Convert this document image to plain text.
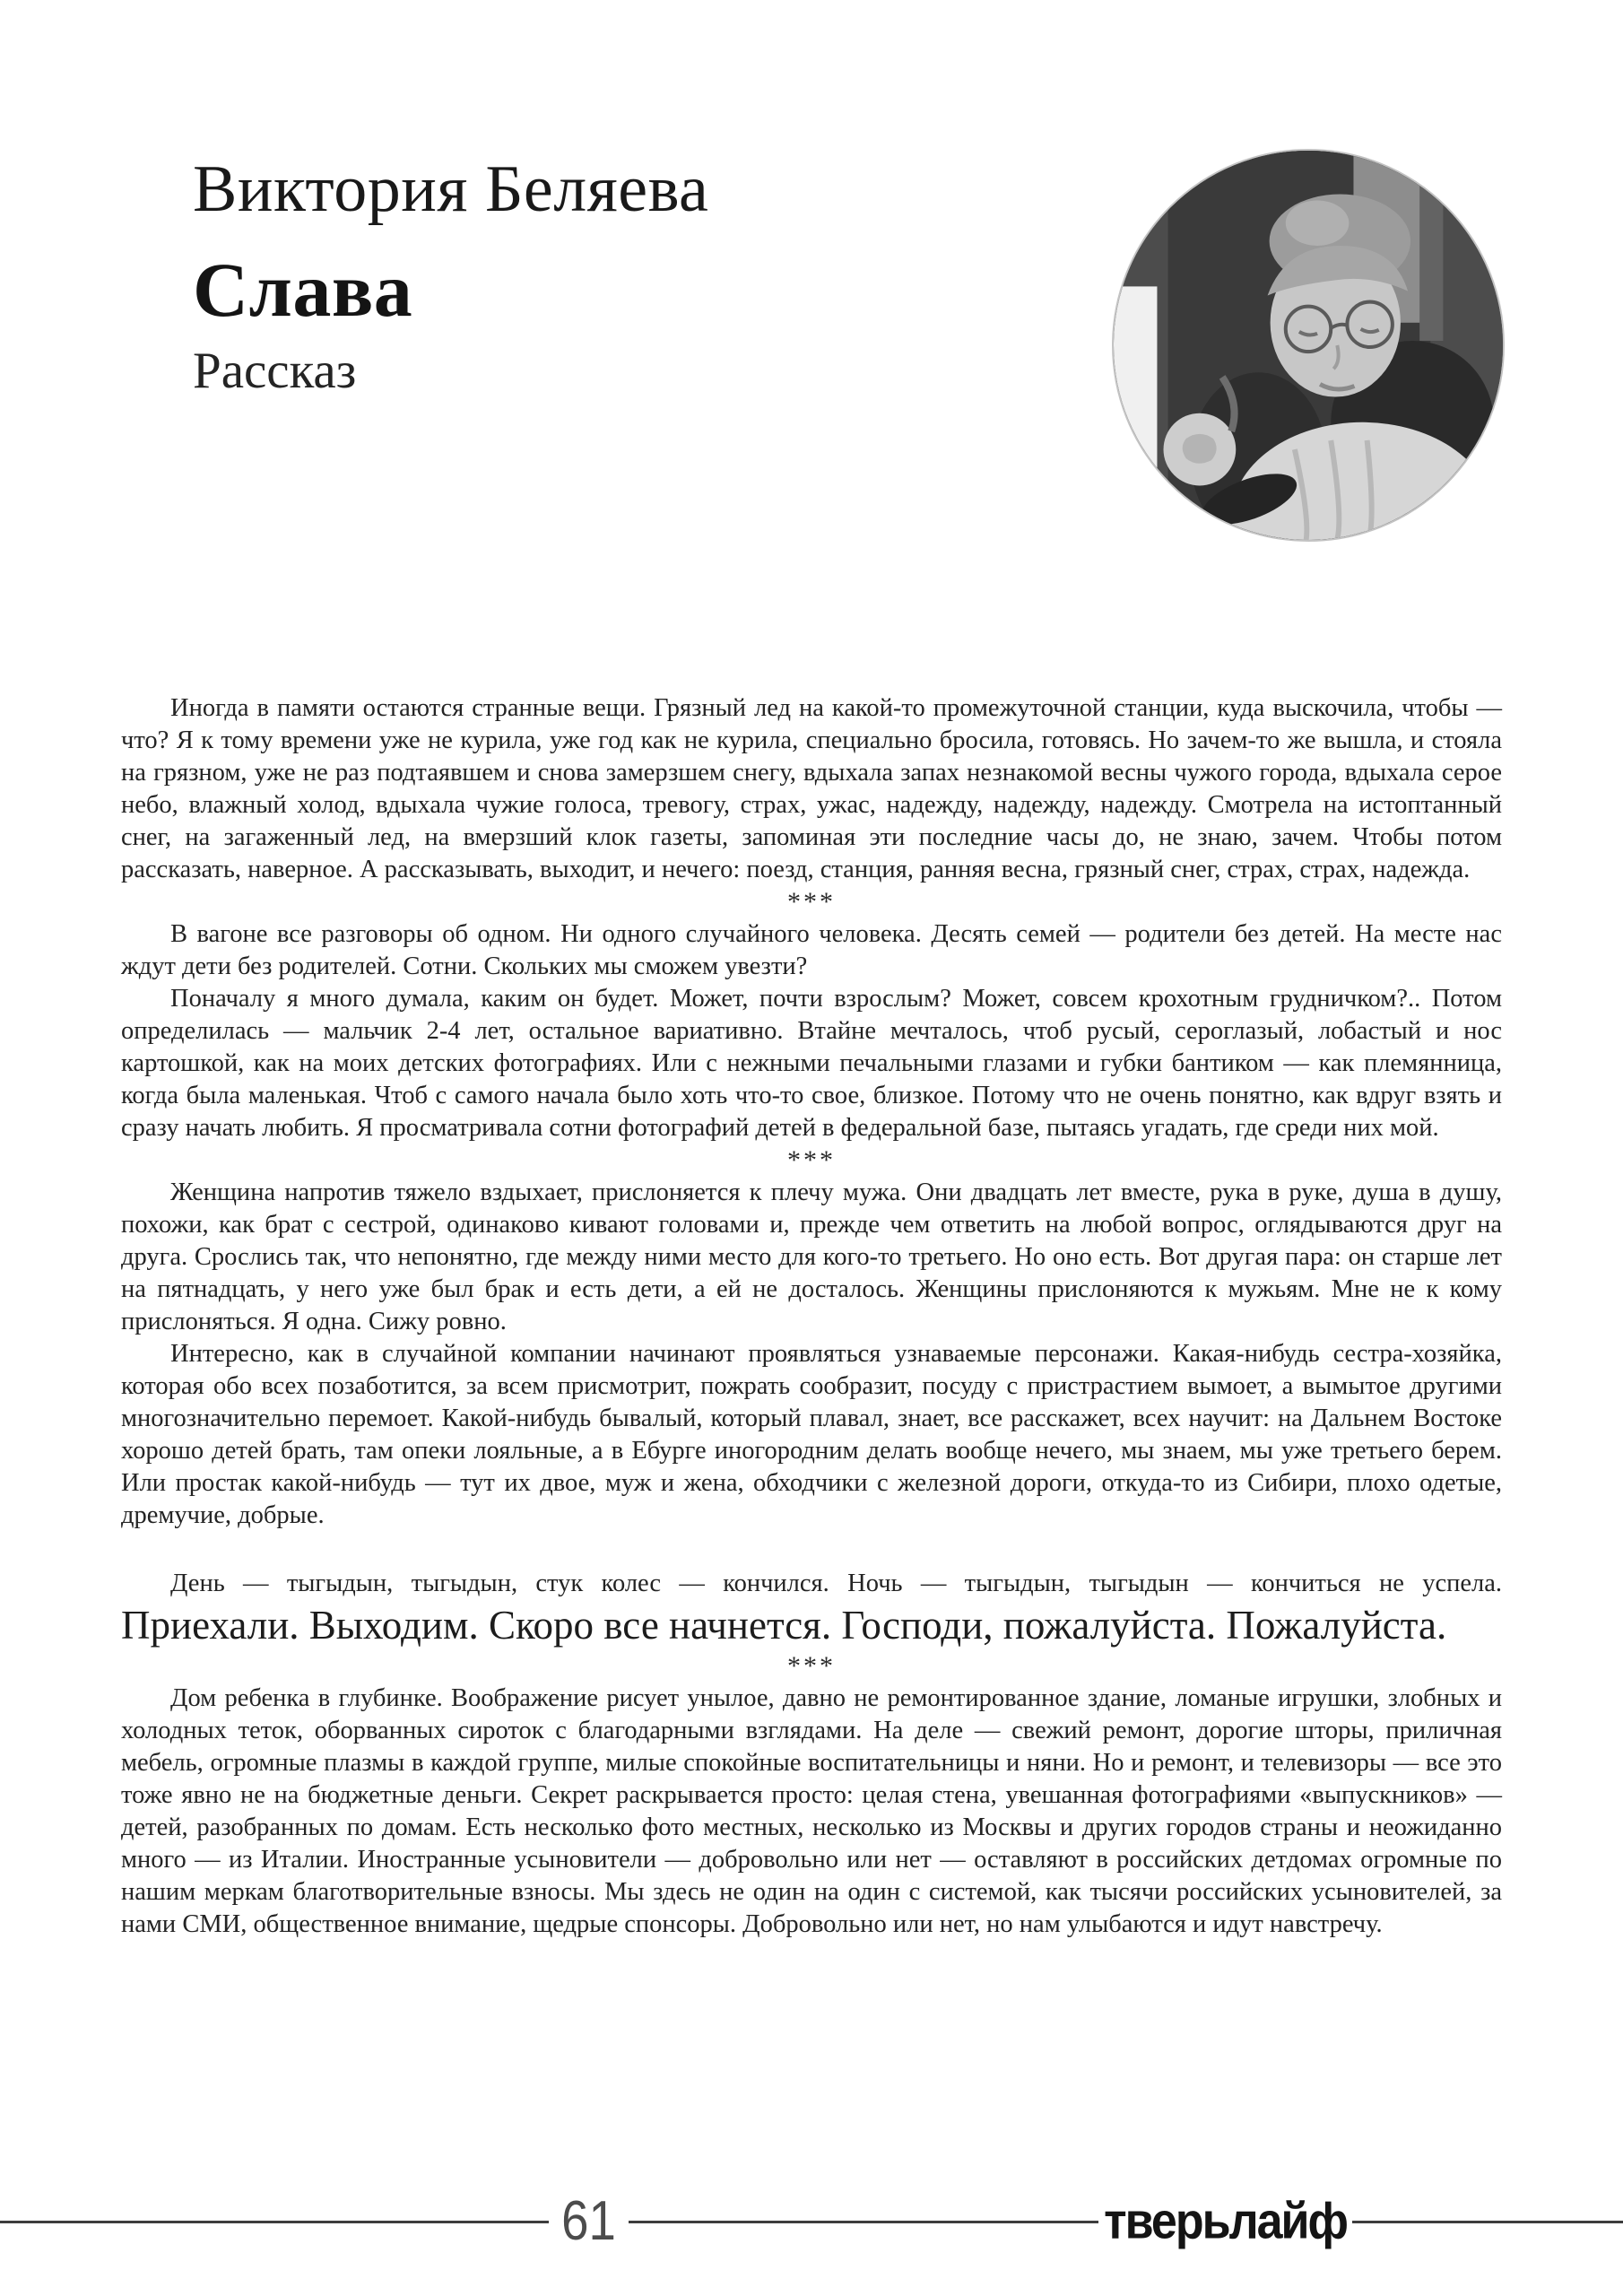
Виктория Беляева
Слава
Рассказ

Иногда в памяти остаются странные вещи. Грязный лед на какой-то промежуточной станции, куда выскочила, чтобы — что? Я к тому времени уже не курила, уже год как не курила, специально бросила, готовясь. Но зачем-то же вышла, и стояла на грязном, уже не раз подтаявшем и снова замерзшем снегу, вдыхала запах незнакомой весны чужого города, вдыхала серое небо, влажный холод, вдыхала чужие голоса, тревогу, страх, ужас, надежду, надежду, надежду. Смотрела на истоптанный снег, на загаженный лед, на вмерзший клок газеты, запоминая эти последние часы до, не знаю, зачем. Чтобы потом рассказать, наверное. А рассказывать, выходит, и нечего: поезд, станция, ранняя весна, грязный снег, страх, страх, надежда.

***

В вагоне все разговоры об одном. Ни одного случайного человека. Десять семей — родители без детей. На месте нас ждут дети без родителей. Сотни. Скольких мы сможем увезти?

Поначалу я много думала, каким он будет. Может, почти взрослым? Может, совсем крохотным грудничком?.. Потом определилась — мальчик 2-4 лет, остальное вариативно. Втайне мечталось, чтоб русый, сероглазый, лобастый и нос картошкой, как на моих детских фотографиях. Или с нежными печальными глазами и губки бантиком — как племянница, когда была маленькая. Чтоб с самого начала было хоть что-то свое, близкое. Потому что не очень понятно, как вдруг взять и сразу начать любить. Я просматривала сотни фотографий детей в федеральной базе, пытаясь угадать, где среди них мой.

***

Женщина напротив тяжело вздыхает, прислоняется к плечу мужа. Они двадцать лет вместе, рука в руке, душа в душу, похожи, как брат с сестрой, одинаково кивают головами и, прежде чем ответить на любой вопрос, оглядываются друг на друга. Срослись так, что непонятно, где между ними место для кого-то третьего. Но оно есть. Вот другая пара: он старше лет на пятнадцать, у него уже был брак и есть дети, а ей не досталось. Женщины прислоняются к мужьям. Мне не к кому прислоняться. Я одна. Сижу ровно.

Интересно, как в случайной компании начинают проявляться узнаваемые персонажи. Какая-нибудь сестра-хозяйка, которая обо всех позаботится, за всем присмотрит, пожрать сообразит, посуду с пристрастием вымоет, а вымытое другими многозначительно перемоет. Какой-нибудь бывалый, который плавал, знает, все расскажет, всех научит: на Дальнем Востоке хорошо детей брать, там опеки лояльные, а в Ебурге иногородним делать вообще нечего, мы знаем, мы уже третьего берем. Или простак какой-нибудь — тут их двое, муж и жена, обходчики с железной дороги, откуда-то из Сибири, плохо одетые, дремучие, добрые.

День — тыгыдын, тыгыдын, стук колес — кончился. Ночь — тыгыдын, тыгыдын — кончиться не успела. Приехали. Выходим. Скоро все начнется. Господи, пожалуйста. Пожалуйста.

***

Дом ребенка в глубинке. Воображение рисует унылое, давно не ремонтированное здание, ломаные игрушки, злобных и холодных теток, оборванных сироток с благодарными взглядами. На деле — свежий ремонт, дорогие шторы, приличная мебель, огромные плазмы в каждой группе, милые спокойные воспитательницы и няни. Но и ремонт, и телевизоры — все это тоже явно не на бюджетные деньги. Секрет раскрывается просто: целая стена, увешанная фотографиями «выпускников» — детей, разобранных по домам. Есть несколько фото местных, несколько из Москвы и других городов страны и неожиданно много — из Италии. Иностранные усыновители — добровольно или нет — оставляют в российских детдомах огромные по нашим меркам благотворительные взносы. Мы здесь не один на один с системой, как тысячи российских усыновителей, за нами СМИ, общественное внимание, щедрые спонсоры. Добровольно или нет, но нам улыбаются и идут навстречу.

61	тверьлайф
